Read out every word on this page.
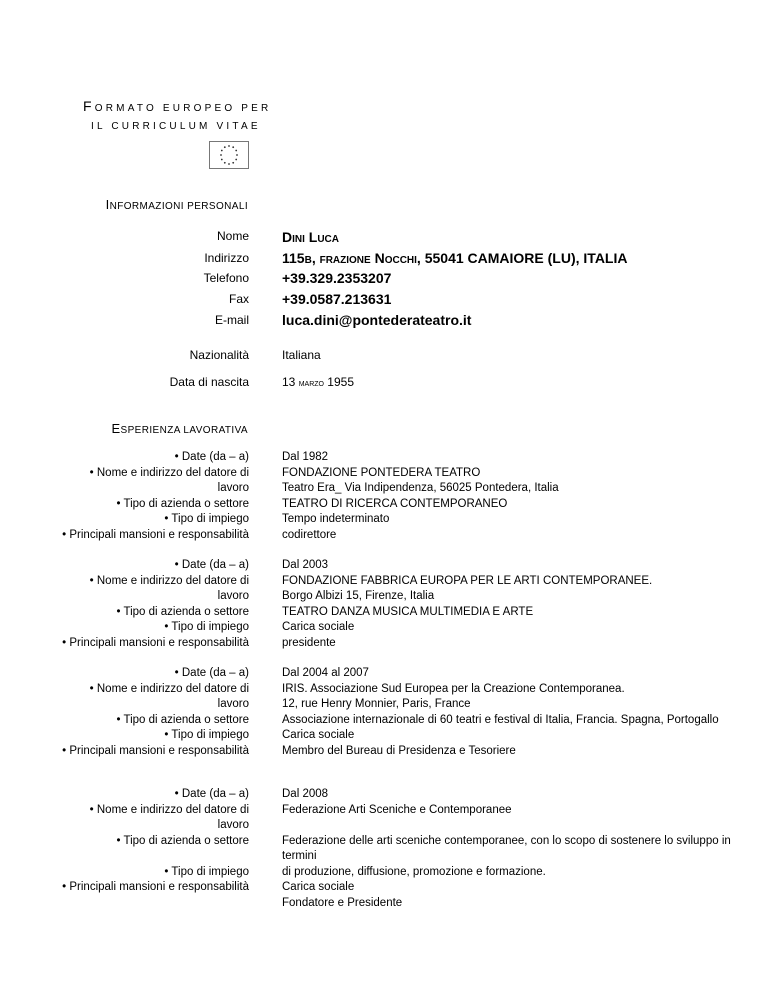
FORMATO EUROPEO PER
IL CURRICULUM VITAE
INFORMAZIONI PERSONALI
Nome Dini Luca
Indirizzo 115b, frazione Nocchi, 55041 CAMAIORE (LU), ITALIA
Telefono +39.329.2353207
Fax +39.0587.213631
E-mail luca.dini@pontederateatro.it
Nazionalità	Italiana
Data di nascita	13 marzo 1955
ESPERIENZA LAVORATIVA
• Date (da – a)
• Nome e indirizzo del datore di
lavoro
• Tipo di azienda o settore
• Tipo di impiego
• Principali mansioni e responsabilità
Dal 1982
FONDAZIONE PONTEDERA TEATRO
Teatro Era_ Via Indipendenza, 56025 Pontedera, Italia
TEATRO DI RICERCA CONTEMPORANEO
Tempo indeterminato
codirettore
• Date (da – a)
• Nome e indirizzo del datore di
lavoro
• Tipo di azienda o settore
• Tipo di impiego
• Principali mansioni e responsabilità
Dal 2003
FONDAZIONE FABBRICA EUROPA PER LE ARTI CONTEMPORANEE.
Borgo Albizi 15, Firenze, Italia
TEATRO DANZA MUSICA MULTIMEDIA E ARTE
Carica sociale
presidente
• Date (da – a)
• Nome e indirizzo del datore di
lavoro
• Tipo di azienda o settore
• Tipo di impiego
• Principali mansioni e responsabilità
Dal 2004 al 2007
IRIS. Associazione Sud Europea per la Creazione Contemporanea.
12, rue Henry Monnier, Paris, France
Associazione internazionale di 60 teatri e festival di Italia, Francia. Spagna, Portogallo
Carica sociale
Membro del Bureau di Presidenza e Tesoriere
• Date (da – a)
• Nome e indirizzo del datore di
lavoro
• Tipo di azienda o settore
• Tipo di impiego
• Principali mansioni e responsabilità
Dal 2008
Federazione Arti Sceniche e Contemporanee
Federazione delle arti sceniche contemporanee, con lo scopo di sostenere lo sviluppo in termini
di produzione, diffusione, promozione e formazione.
Carica sociale
Fondatore e Presidente
